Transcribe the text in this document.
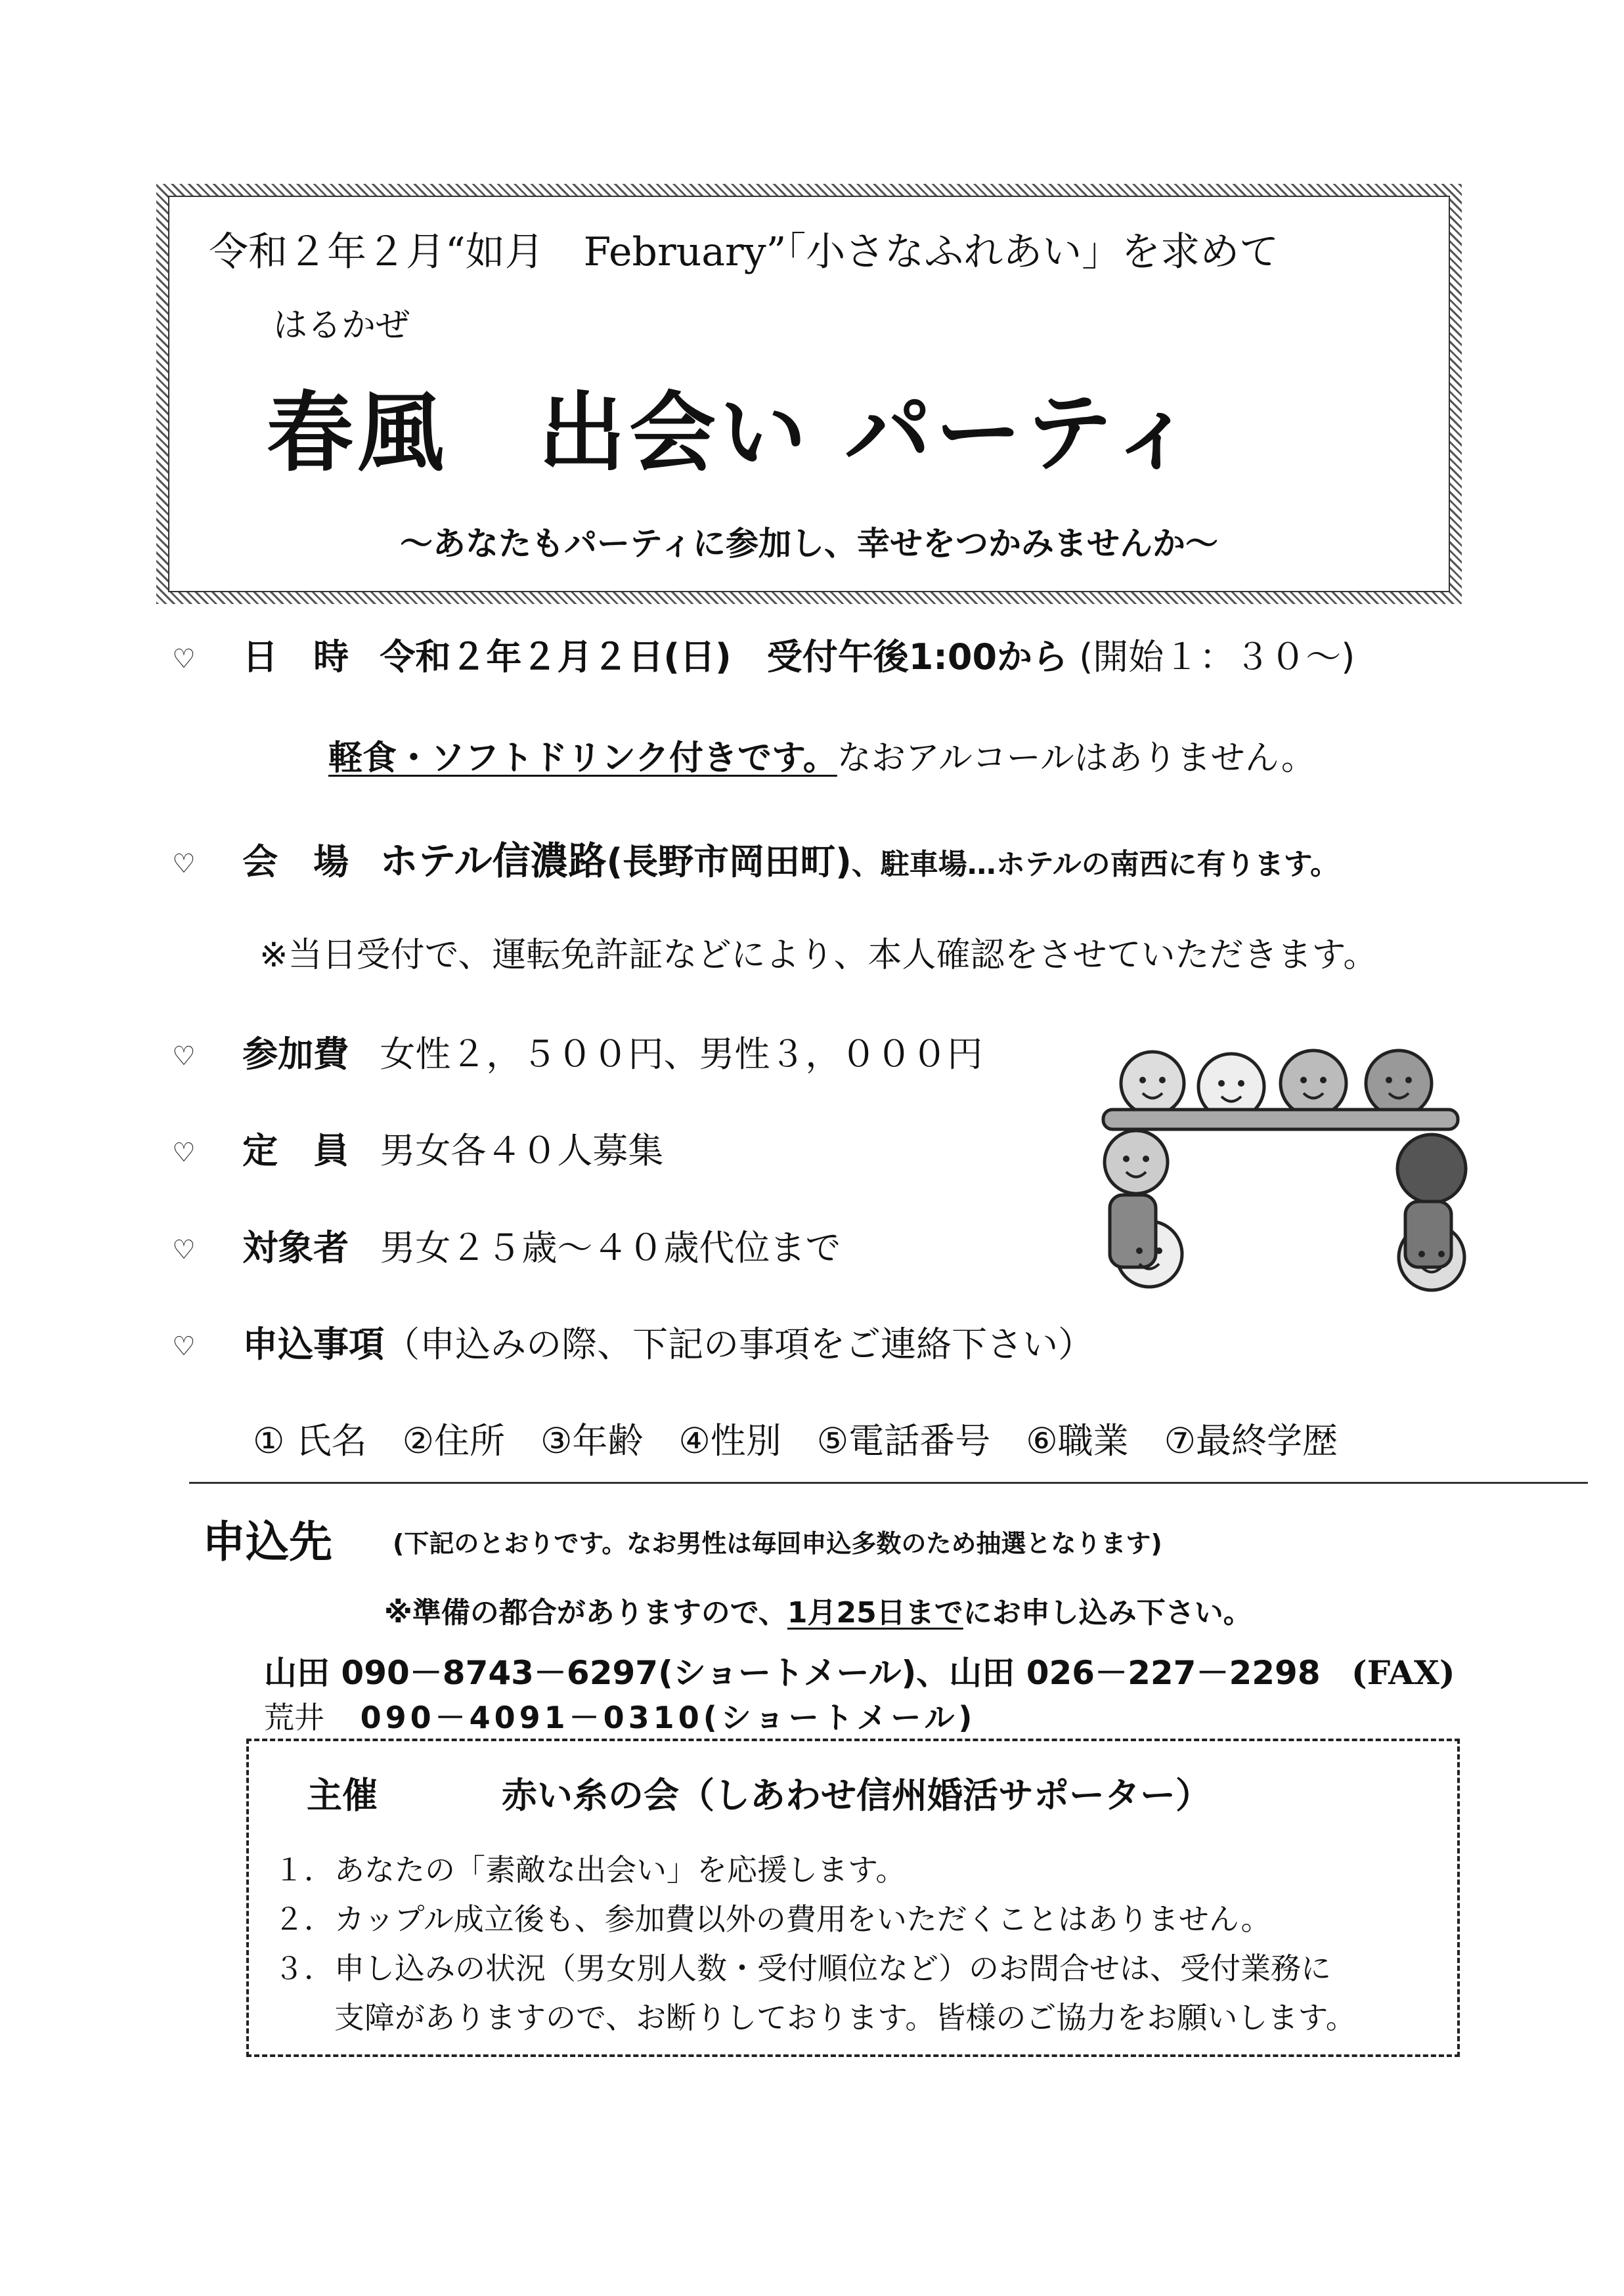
令和２年２月“如月　February”「小さなふれあい」を求めて
はるかぜ
春風　出会い パーティ
～あなたもパーティに参加し、幸せをつかみませんか～
♡ 日　時 令和２年２月２日(日)　受付午後1:00から (開始１：３０～)
軽食・ソフトドリンク付きです。なおアルコールはありません。
♡ 会　場 ホテル信濃路(長野市岡田町)、駐車場…ホテルの南西に有ります。
※当日受付で、運転免許証などにより、本人確認をさせていただきます。
♡ 参加費 女性２，５００円、男性３，０００円
♡ 定　員 男女各４０人募集
♡ 対象者 男女２５歳～４０歳代位まで
♡ 申込事項（申込みの際、下記の事項をご連絡下さい）
① 氏名　②住所　③年齢　④性別　⑤電話番号　⑥職業　⑦最終学歴
申込先 (下記のとおりです。なお男性は毎回申込多数のため抽選となります)
※準備の都合がありますので、1月25日までにお申し込み下さい。
山田 090－8743－6297(ショートメール)、山田 026－227－2298 (FAX)
荒井 090－4091－0310(ショートメール)
主催	赤い糸の会（しあわせ信州婚活サポーター）
１．あなたの「素敵な出会い」を応援します。
２．カップル成立後も、参加費以外の費用をいただくことはありません。
３．申し込みの状況（男女別人数・受付順位など）のお問合せは、受付業務に
　　支障がありますので、お断りしております。皆様のご協力をお願いします。
